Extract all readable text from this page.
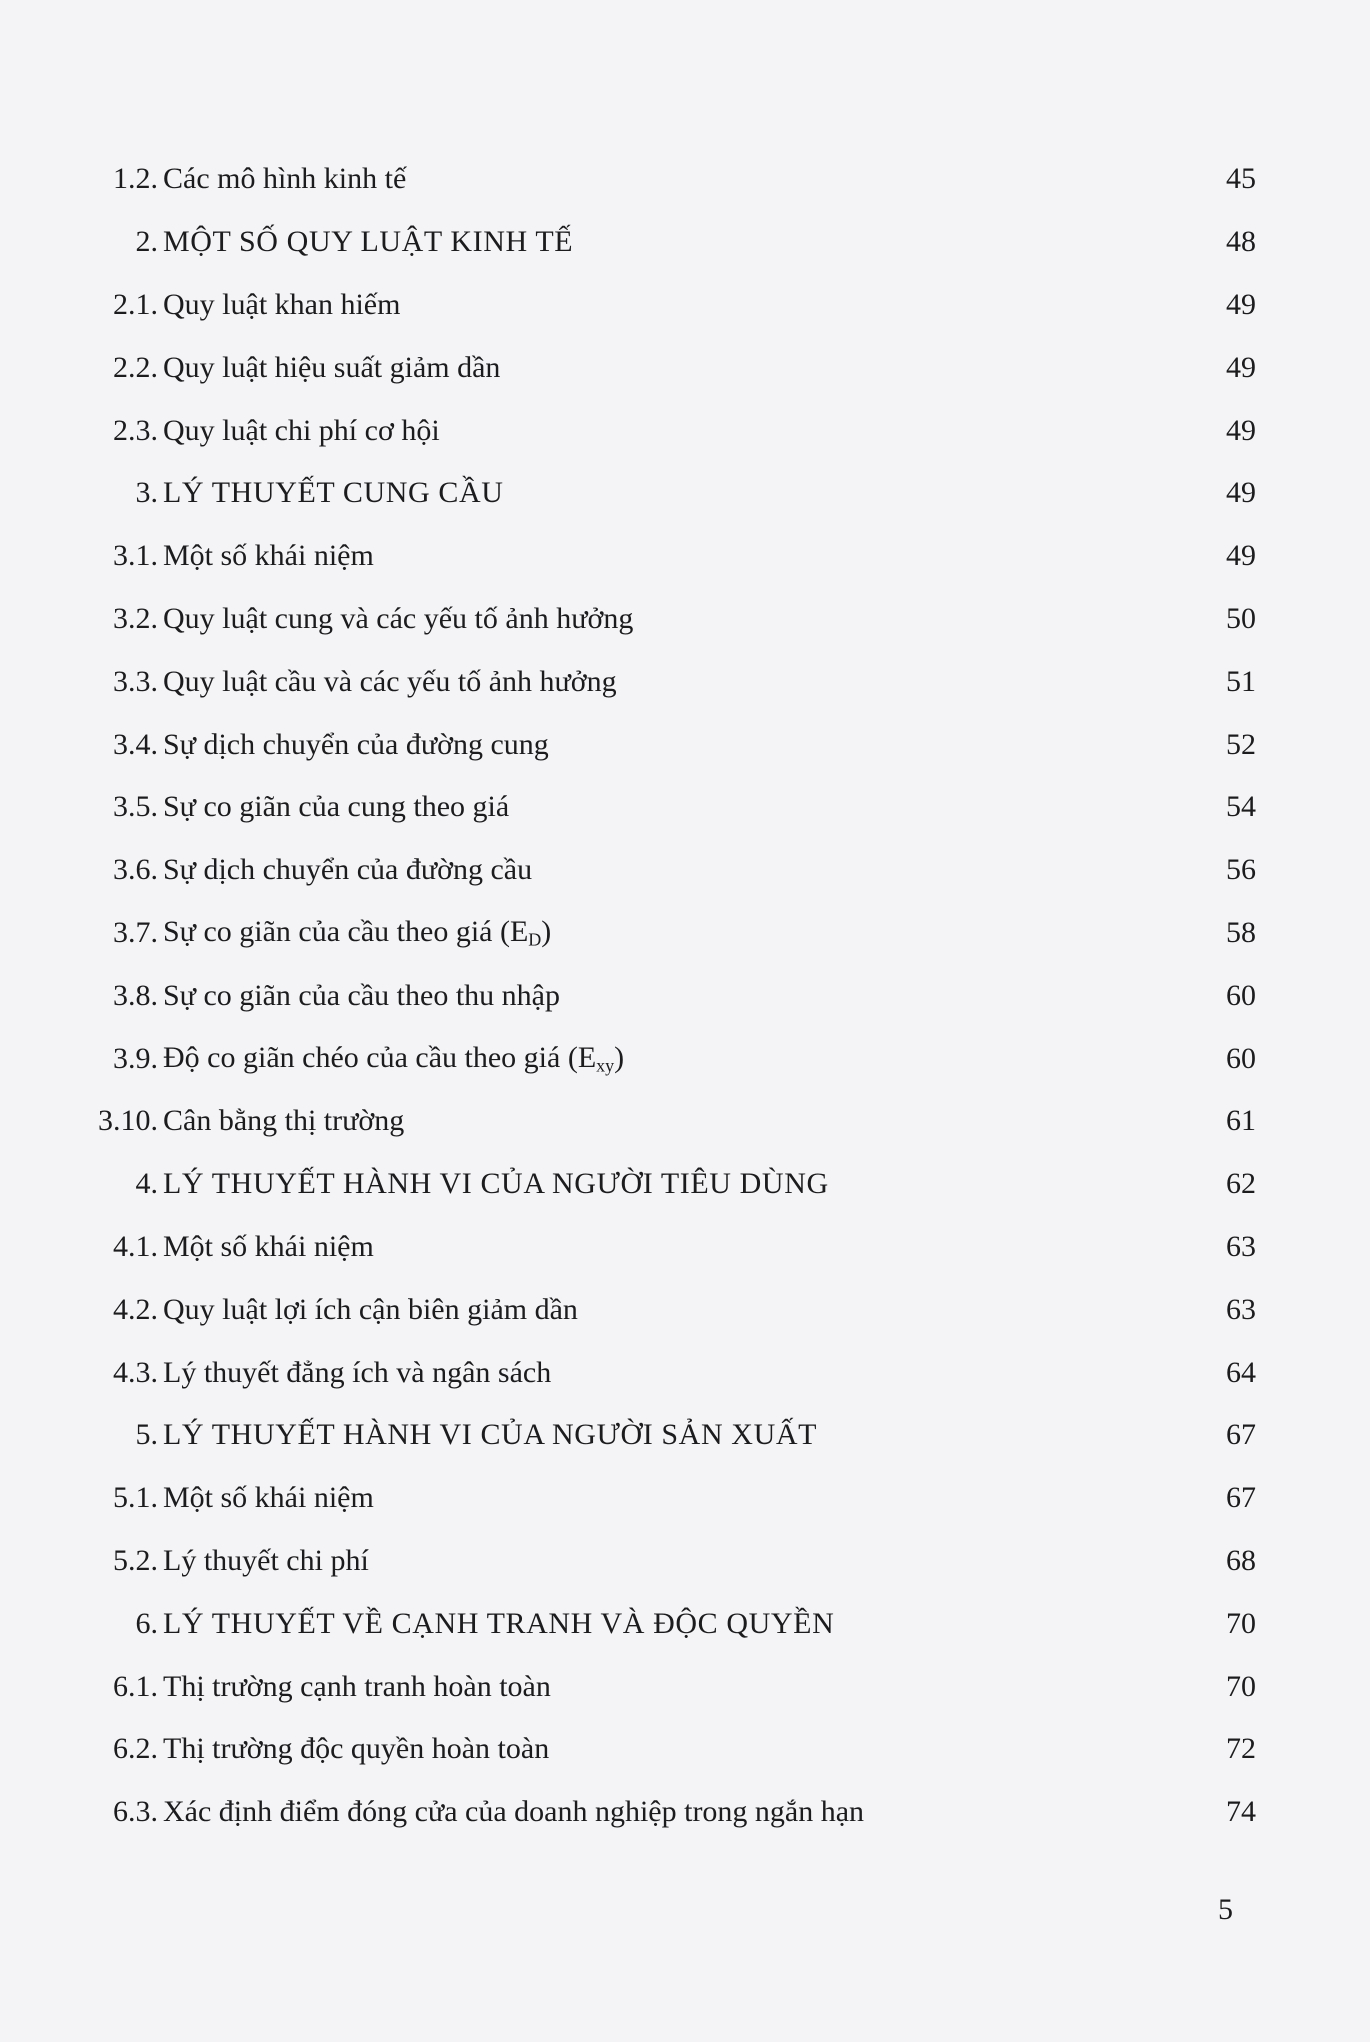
1.2. Các mô hình kinh tế	45
2. MỘT SỐ QUY LUẬT KINH TẾ	48
2.1. Quy luật khan hiếm	49
2.2. Quy luật hiệu suất giảm dần	49
2.3. Quy luật chi phí cơ hội	49
3. LÝ THUYẾT CUNG CẦU	49
3.1. Một số khái niệm	49
3.2. Quy luật cung và các yếu tố ảnh hưởng	50
3.3. Quy luật cầu và các yếu tố ảnh hưởng	51
3.4. Sự dịch chuyển của đường cung	52
3.5. Sự co giãn của cung theo giá	54
3.6. Sự dịch chuyển của đường cầu	56
3.7. Sự co giãn của cầu theo giá $(E_D)$	58
3.8. Sự co giãn của cầu theo thu nhập	60
3.9. Độ co giãn chéo của cầu theo giá $(E_{xy})$	60
3.10. Cân bằng thị trường	61
4. LÝ THUYẾT HÀNH VI CỦA NGƯỜI TIÊU DÙNG	62
4.1. Một số khái niệm	63
4.2. Quy luật lợi ích cận biên giảm dần	63
4.3. Lý thuyết đẳng ích và ngân sách	64
5. LÝ THUYẾT HÀNH VI CỦA NGƯỜI SẢN XUẤT	67
5.1. Một số khái niệm	67
5.2. Lý thuyết chi phí	68
6. LÝ THUYẾT VỀ CẠNH TRANH VÀ ĐỘC QUYỀN	70
6.1. Thị trường cạnh tranh hoàn toàn	70
6.2. Thị trường độc quyền hoàn toàn	72
6.3. Xác định điểm đóng cửa của doanh nghiệp trong ngắn hạn	74
5
